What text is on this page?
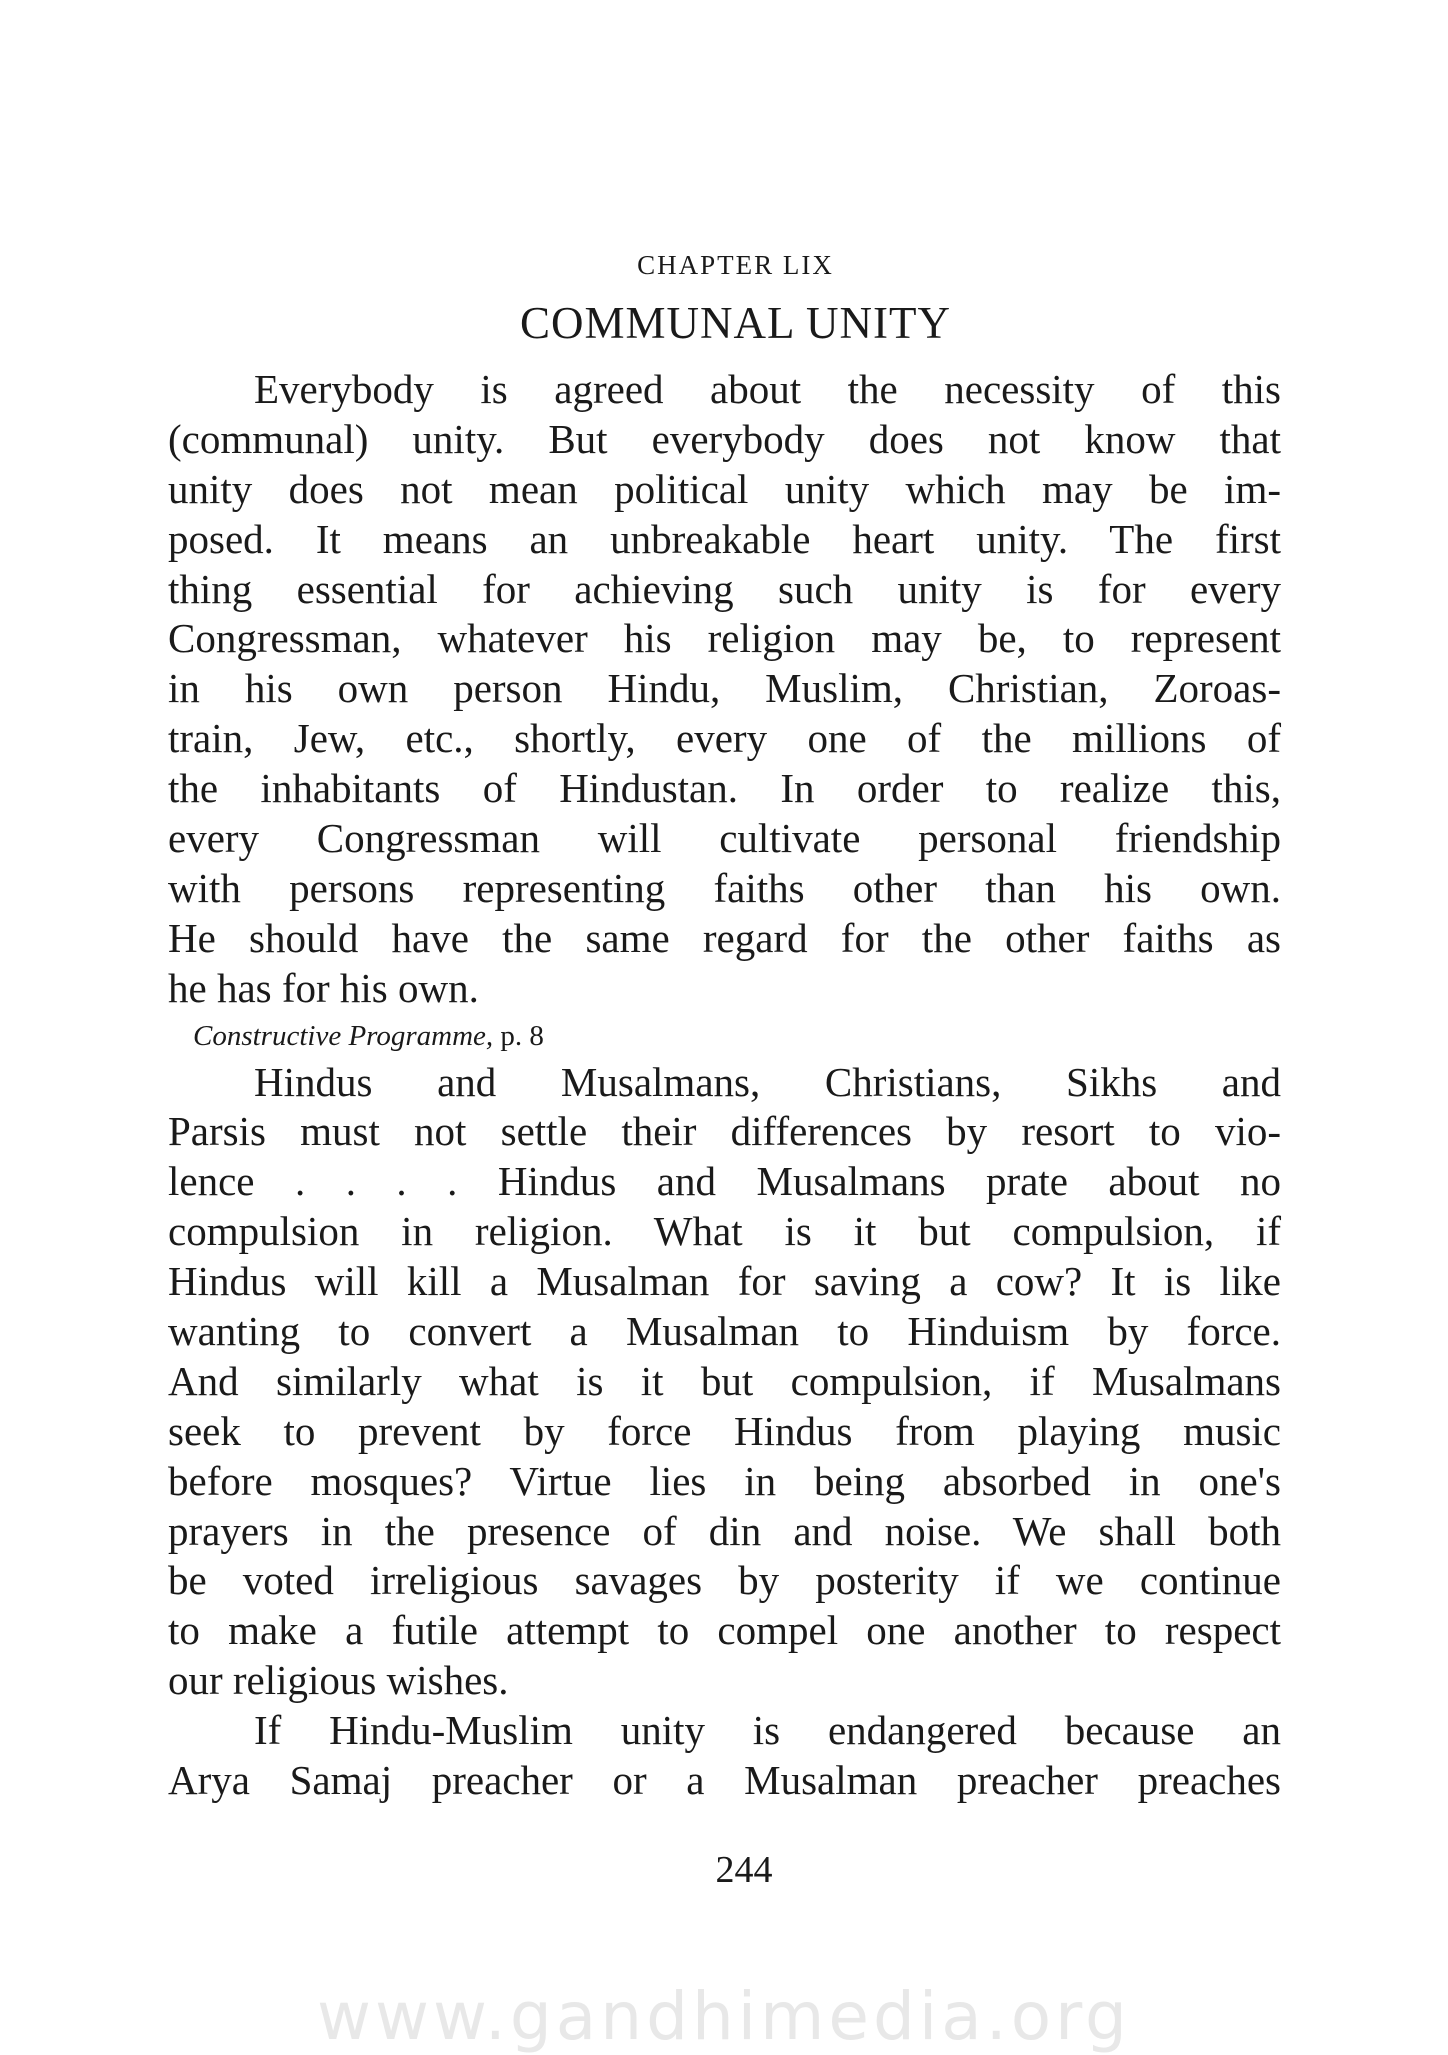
CHAPTER LIX
COMMUNAL UNITY
Everybody is agreed about the necessity of this
(communal) unity. But everybody does not know that
unity does not mean political unity which may be im-
posed. It means an unbreakable heart unity. The first
thing essential for achieving such unity is for every
Congressman, whatever his religion may be, to represent
in his own person Hindu, Muslim, Christian, Zoroas-
train, Jew, etc., shortly, every one of the millions of
the inhabitants of Hindustan. In order to realize this,
every Congressman will cultivate personal friendship
with persons representing faiths other than his own.
He should have the same regard for the other faiths as
he has for his own.
Constructive Programme, p. 8
Hindus and Musalmans, Christians, Sikhs and
Parsis must not settle their differences by resort to vio-
lence . . . . Hindus and Musalmans prate about no
compulsion in religion. What is it but compulsion, if
Hindus will kill a Musalman for saving a cow? It is like
wanting to convert a Musalman to Hinduism by force.
And similarly what is it but compulsion, if Musalmans
seek to prevent by force Hindus from playing music
before mosques? Virtue lies in being absorbed in one's
prayers in the presence of din and noise. We shall both
be voted irreligious savages by posterity if we continue
to make a futile attempt to compel one another to respect
our religious wishes.
If Hindu-Muslim unity is endangered because an
Arya Samaj preacher or a Musalman preacher preaches
244
www.gandhimedia.org
